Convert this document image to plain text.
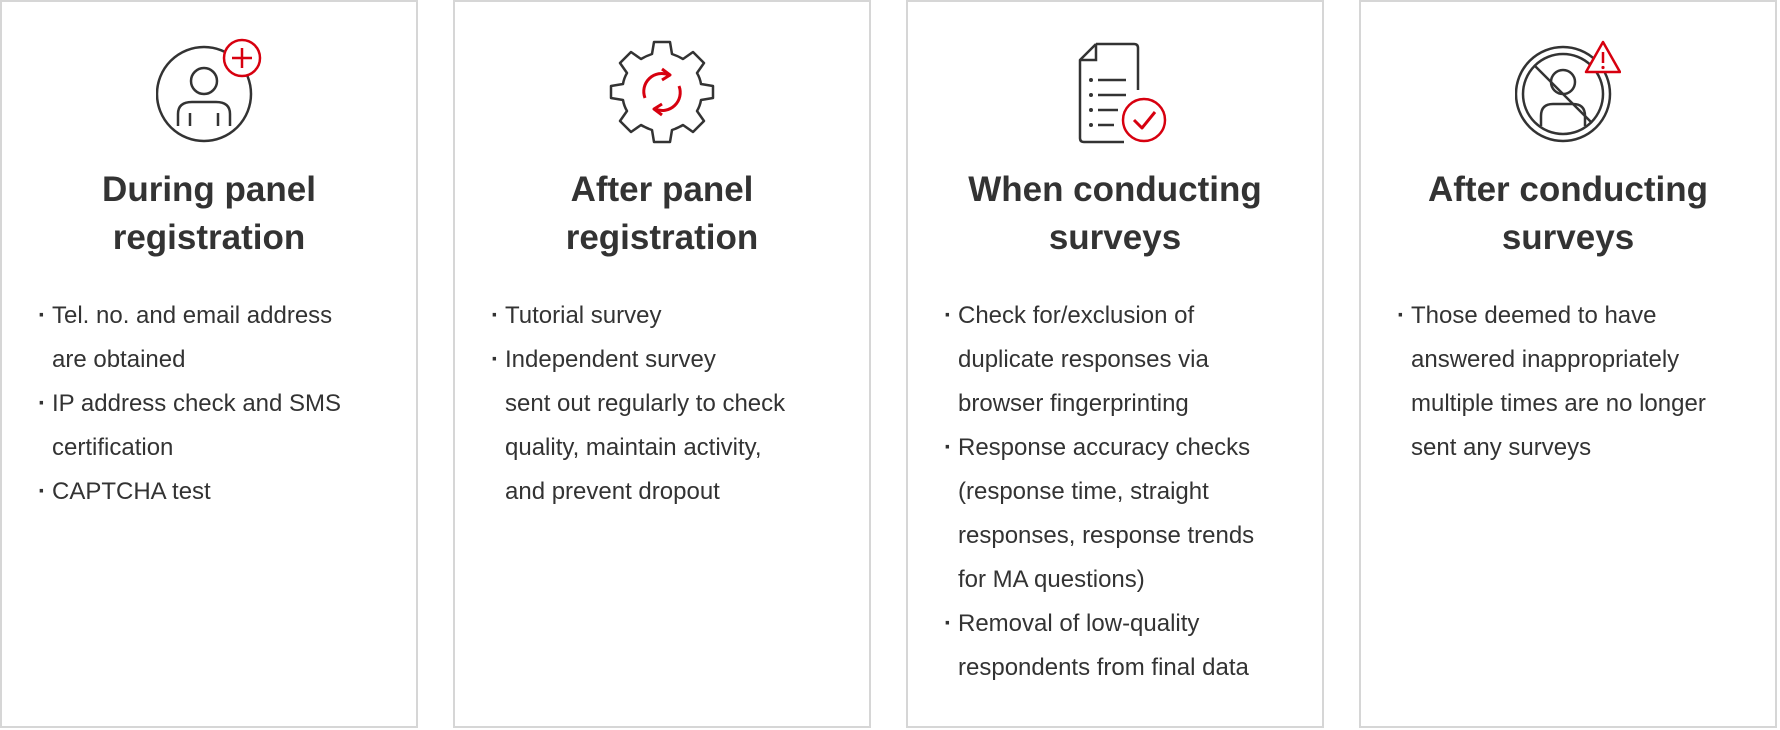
During panel
registration
· Tel. no. and email address
are obtained
· IP address check and SMS
certification
· CAPTCHA test
After panel
registration
· Tutorial survey
· Independent survey
sent out regularly to check
quality, maintain activity,
and prevent dropout
When conducting
surveys
· Check for/exclusion of
duplicate responses via
browser fingerprinting
· Response accuracy checks
(response time, straight
responses, response trends
for MA questions)
· Removal of low-quality
respondents from final data
After conducting
surveys
· Those deemed to have
answered inappropriately
multiple times are no longer
sent any surveys
